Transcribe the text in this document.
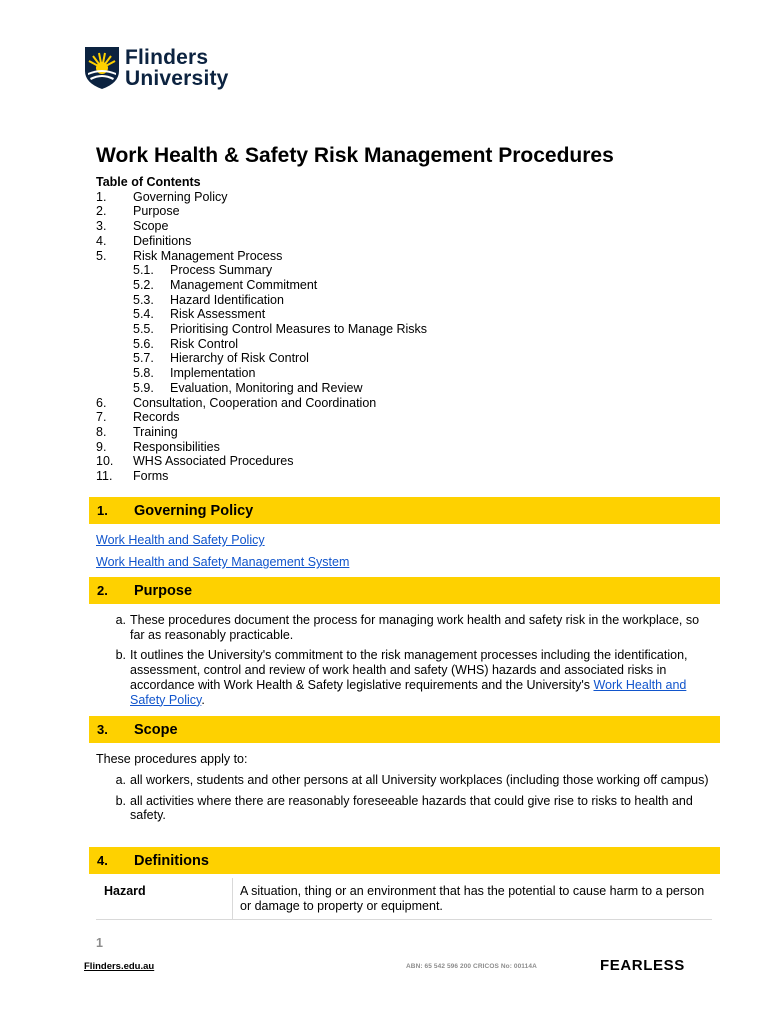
Flinders
University
Work Health & Safety Risk Management Procedures
Table of Contents
1.	Governing Policy
2.	Purpose
3.	Scope
4.	Definitions
5.	Risk Management Process
5.1.	Process Summary
5.2.	Management Commitment
5.3.	Hazard Identification
5.4.	Risk Assessment
5.5.	Prioritising Control Measures to Manage Risks
5.6.	Risk Control
5.7.	Hierarchy of Risk Control
5.8.	Implementation
5.9.	Evaluation, Monitoring and Review
6.	Consultation, Cooperation and Coordination
7.	Records
8.	Training
9.	Responsibilities
10.	WHS Associated Procedures
11.	Forms
1.	Governing Policy
Work Health and Safety Policy
Work Health and Safety Management System
2.	Purpose
a. These procedures document the process for managing work health and safety risk in the workplace, so far as reasonably practicable.
b. It outlines the University's commitment to the risk management processes including the identification, assessment, control and review of work health and safety (WHS) hazards and associated risks in accordance with Work Health & Safety legislative requirements and the University's Work Health and Safety Policy.
3.	Scope
These procedures apply to:
a. all workers, students and other persons at all University workplaces (including those working off campus)
b. all activities where there are reasonably foreseeable hazards that could give rise to risks to health and safety.
4.	Definitions
Hazard	A situation, thing or an environment that has the potential to cause harm to a person or damage to property or equipment.
1
Flinders.edu.au	ABN: 65 542 596 200 CRICOS No: 00114A	FEARLESS
